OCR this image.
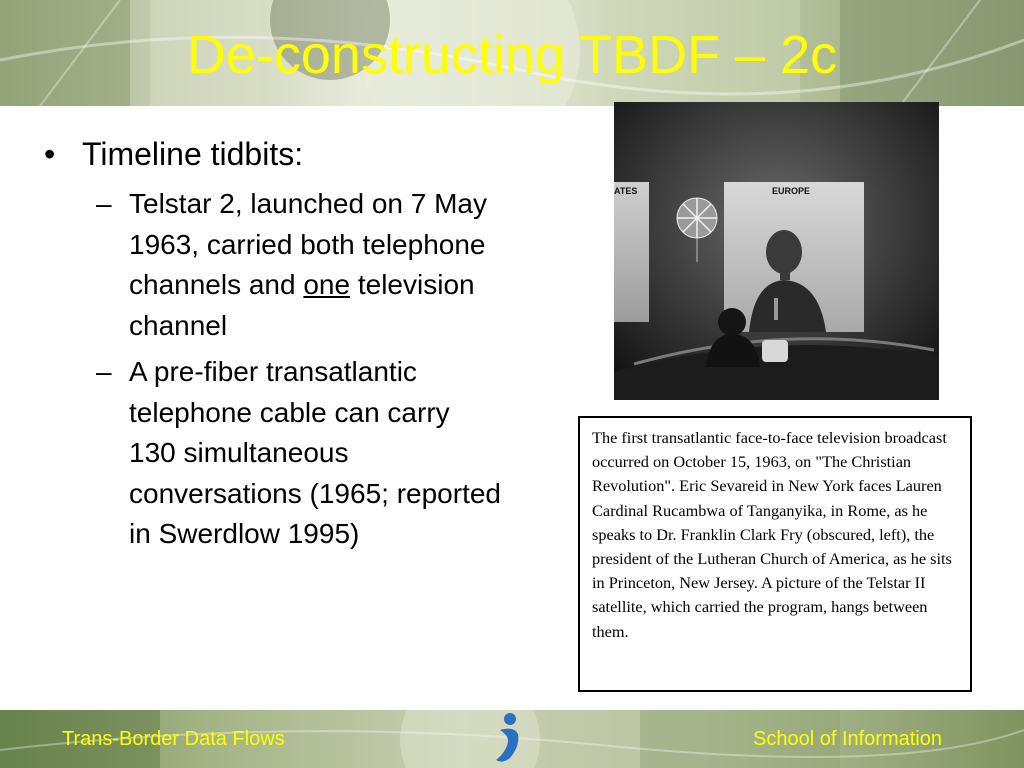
De-constructing TBDF – 2c
• Timeline tidbits:
– Telstar 2, launched on 7 May 1963, carried both telephone channels and one television channel
– A pre-fiber transatlantic telephone cable can carry 130 simultaneous conversations (1965; reported in Swerdlow 1995)
ATES	EUROPE
The first transatlantic face-to-face television broadcast occurred on October 15, 1963, on "The Christian Revolution". Eric Sevareid in New York faces Lauren Cardinal Rucambwa of Tanganyika, in Rome, as he speaks to Dr. Franklin Clark Fry (obscured, left), the president of the Lutheran Church of America, as he sits in Princeton, New Jersey. A picture of the Telstar II satellite, which carried the program, hangs between them.
Trans-Border Data Flows	School of Information
